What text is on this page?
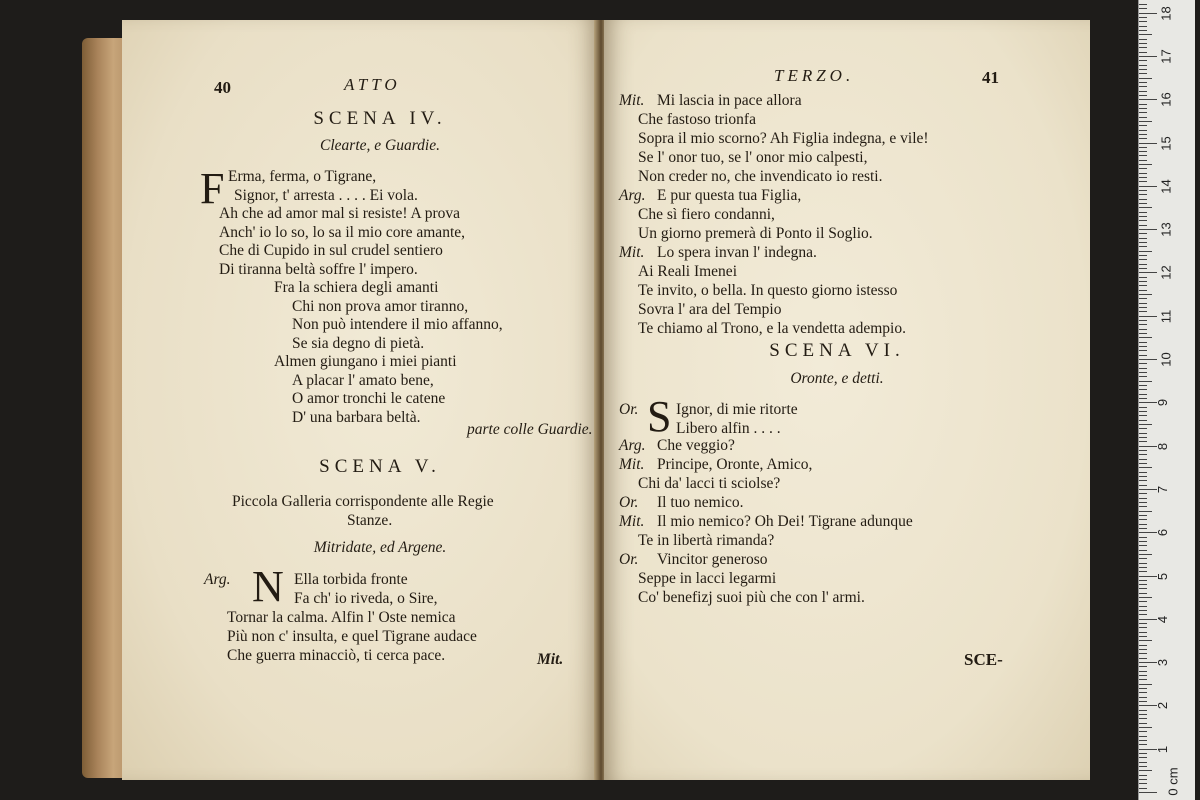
40	ATTO
SCENA IV.
Clearte, e Guardie.
F Erma, ferma, o Tigrane,
Signor, t' arresta . . . . Ei vola.
Ah che ad amor mal si resiste! A prova
Anch' io lo so, lo sa il mio core amante,
Che di Cupido in sul crudel sentiero
Di tiranna beltà soffre l' impero.
Fra la schiera degli amanti
Chi non prova amor tiranno,
Non può intendere il mio affanno,
Se sia degno di pietà.
Almen giungano i miei pianti
A placar l' amato bene,
O amor tronchi le catene
D' una barbara beltà.
parte colle Guardie.
SCENA V.
Piccola Galleria corrispondente alle Regie
Stanze.
Mitridate, ed Argene.
Arg. N Ella torbida fronte
Fa ch' io riveda, o Sire,
Tornar la calma. Alfin l' Oste nemica
Più non c' insulta, e quel Tigrane audace
Che guerra minacciò, ti cerca pace.	Mit.
TERZO.	41
Mit. Mi lascia in pace allora
Che fastoso trionfa
Sopra il mio scorno? Ah Figlia indegna, e vile!
Se l' onor tuo, se l' onor mio calpesti,
Non creder no, che invendicato io resti.
Arg. E pur questa tua Figlia,
Che sì fiero condanni,
Un giorno premerà di Ponto il Soglio.
Mit. Lo spera invan l' indegna.
Ai Reali Imenei
Te invito, o bella. In questo giorno istesso
Sovra l' ara del Tempio
Te chiamo al Trono, e la vendetta adempio.
SCENA VI.
Oronte, e detti.
Or. S Ignor, di mie ritorte
Libero alfin . . . .
Arg. Che veggio?
Mit. Principe, Oronte, Amico,
Chi da' lacci ti sciolse?
Or. Il tuo nemico.
Mit. Il mio nemico? Oh Dei! Tigrane adunque
Te in libertà rimanda?
Or. Vincitor generoso
Seppe in lacci legarmi
Co' benefizj suoi più che con l' armi.
SCE-
0 cm
1
2
3
4
5
6
7
8
9
10
11
12
13
14
15
16
17
18
